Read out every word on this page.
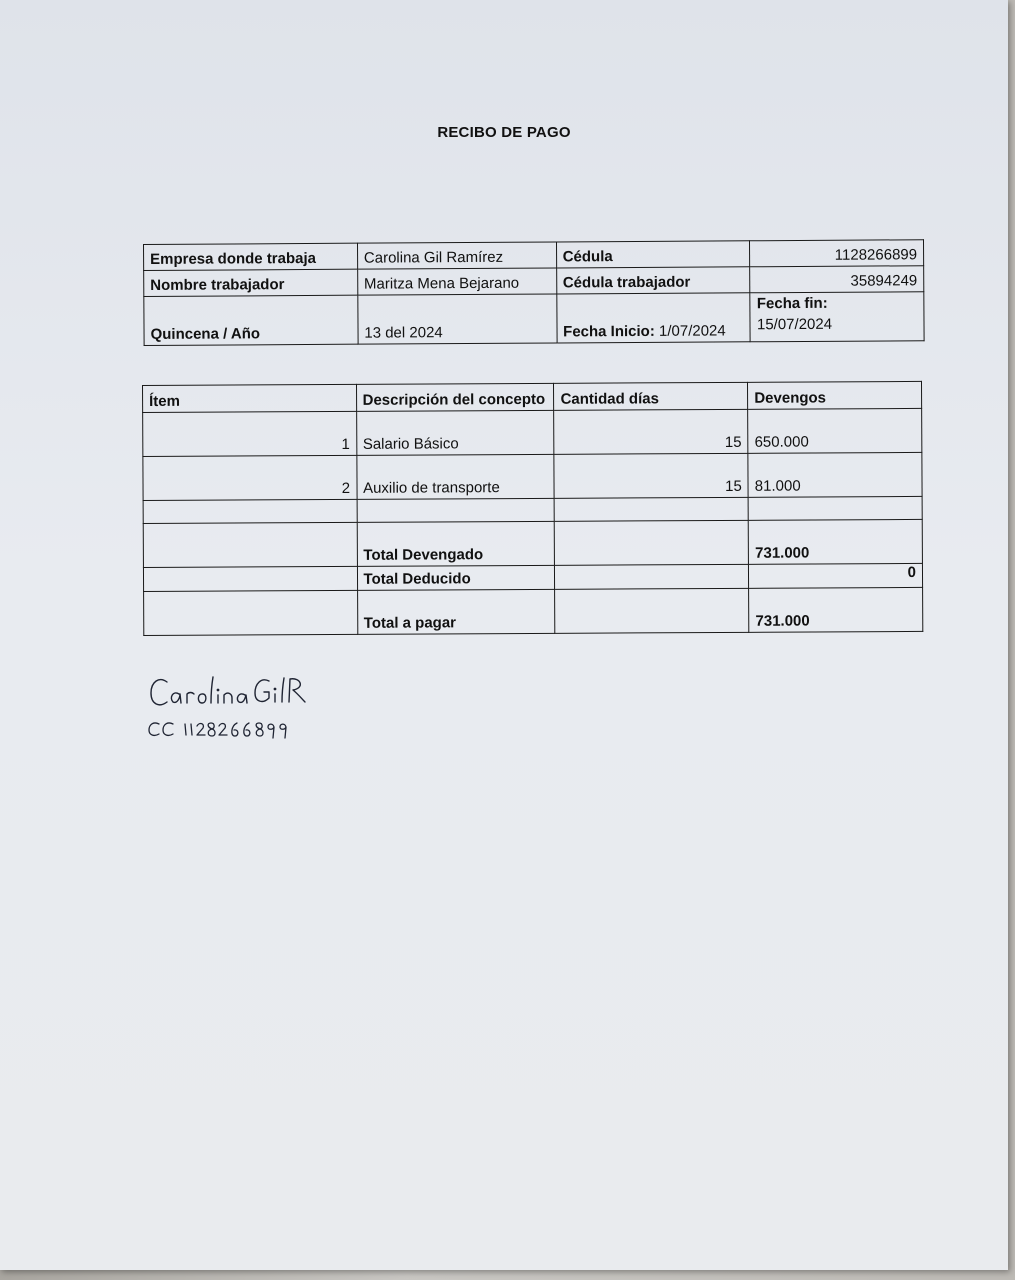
RECIBO DE PAGO
Empresa donde trabaja	Carolina Gil Ramírez	Cédula	1128266899
Nombre trabajador	Maritza Mena Bejarano	Cédula trabajador	35894249
Quincena / Año	13 del 2024	Fecha Inicio: 1/07/2024	Fecha fin:
15/07/2024
Ítem	Descripción del concepto	Cantidad días	Devengos
1	Salario Básico	15	650.000
2	Auxilio de transporte	15	81.000

	Total Devengado		731.000
	Total Deducido		0
	Total a pagar		731.000
